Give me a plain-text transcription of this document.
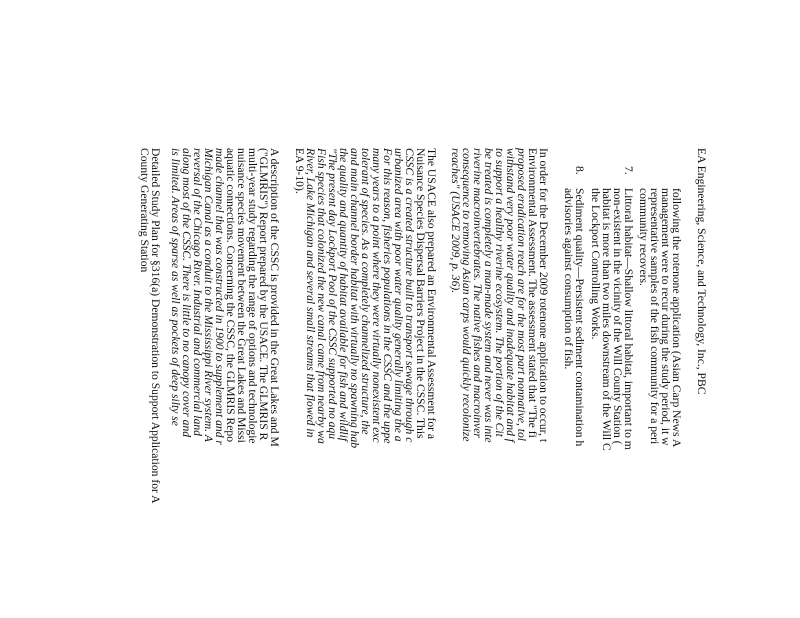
EA Engineering, Science, and Technology, Inc., PBC
following the rotenone application (Asian Carp News A
management were to recur during the study period, it w
representative samples of the fish community for a peri
community recovers.
7.
Littoral habitat—Shallow littoral habitat, important to m
non-existent in the vicinity of the Will County Station (
habitat is more than two miles downstream of the Will C
the Lockport Controlling Works.
8.
Sediment quality—Persistent sediment contamination h
advisories against consumption of fish.
In order for the December 2009 rotenone application to occur, t
Environmental Assessment. The assessment stated that "The fi
proposed eradication reach are for the most part nonnative, tol
withstand very poor water quality and inadequate habitat and f
to support a healthy riverine ecosystem. The portion of the Cit
be treated is completely a man-made system and never was inte
riverine macroinvertebrates. The native fishes and macroinver
consequence to removing Asian carps would quickly recolonize
reaches" (USACE 2009, p. 36).
The USACE also prepared an Environmental Assessment for a
Nuisance Species Dispersal Barriers Project in the CSSC. This
CSSC is a created structure built to transport sewage through c
urbanized area with poor water quality generally limiting the a
For this reason, fisheries populations in the CSSC and the uppe
many years to a point where they were virtually nonexistent exc
tolerant of species. As a completely channelized structure, the
and main channel border habitat with virtually no spawning hab
the quality and quantity of habitat available for fish and wildlif
"The present day Lockport Pool of the CSSC supported no aqu
Fish species that colonized the new canal came from nearby wa
River, Lake Michigan and several small streams that flowed in
EA 9-10).
A description of the CSSC is provided in the Great Lakes and M
("GLMRIS") Report prepared by the USACE. The GLMRIS R
multi-year study regarding the range of options and technologie
nuisance species movement between the Great Lakes and Missi
aquatic connections. Concerning the CSSC, the GLMRIS Repo
made channel that was constructed in 1900 to supplement and r
Michigan Canal as a conduit to the Mississippi River system. A
reversal of the Chicago River. Industrial and commercial land
along most of the CSSC. There is little to no canopy cover and
is limited. Areas of sparse as well as pockets of deep silty se
Detailed Study Plan for §316(a) Demonstration to Support Application for A
County Generating Station
